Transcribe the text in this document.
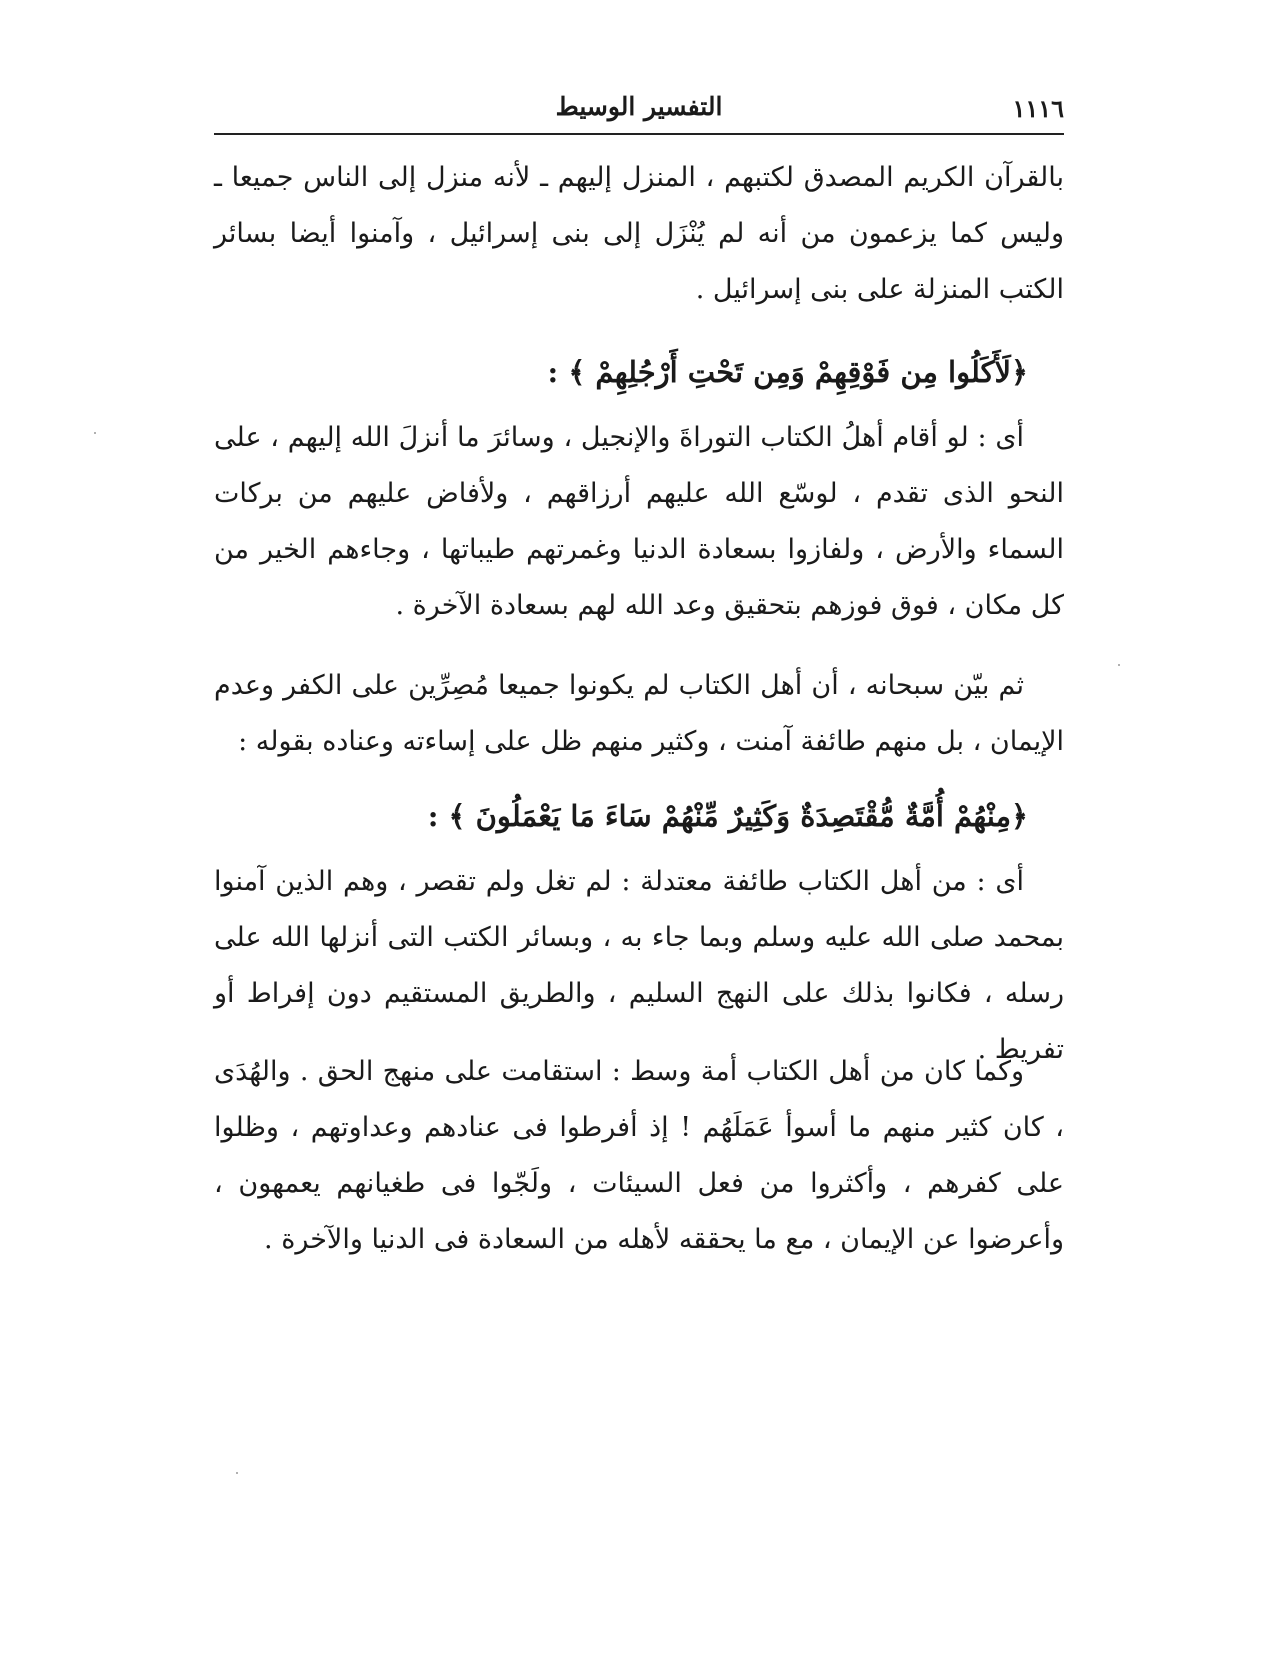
١١١٦
التفسير الوسيط

بالقرآن الكريم المصدق لكتبهم ، المنزل إليهم ـ لأنه منزل إلى الناس جميعا ـ وليس كما يزعمون من أنه لم يُنْزَل إلى بنى إسرائيل ، وآمنوا أيضا بسائر الكتب المنزلة على بنى إسرائيل .

﴿لَأَكَلُوا مِن فَوْقِهِمْ وَمِن تَحْتِ أَرْجُلِهِمْ ﴾ :

أى : لو أقام أهلُ الكتاب التوراةَ والإنجيل ، وسائرَ ما أنزلَ الله إليهم ، على النحو الذى تقدم ، لوسّع الله عليهم أرزاقهم ، ولأفاض عليهم من بركات السماء والأرض ، ولفازوا بسعادة الدنيا وغمرتهم طيباتها ، وجاءهم الخير من كل مكان ، فوق فوزهم بتحقيق وعد الله لهم بسعادة الآخرة .

ثم بيّن سبحانه ، أن أهل الكتاب لم يكونوا جميعا مُصِرِّين على الكفر وعدم الإيمان ، بل منهم طائفة آمنت ، وكثير منهم ظل على إساءته وعناده بقوله :

﴿مِنْهُمْ أُمَّةٌ مُّقْتَصِدَةٌ وَكَثِيرٌ مِّنْهُمْ سَاءَ مَا يَعْمَلُونَ ﴾ :

أى : من أهل الكتاب طائفة معتدلة : لم تغل ولم تقصر ، وهم الذين آمنوا بمحمد صلى الله عليه وسلم وبما جاء به ، وبسائر الكتب التى أنزلها الله على رسله ، فكانوا بذلك على النهج السليم ، والطريق المستقيم دون إفراط أو تفريط .

وكما كان من أهل الكتاب أمة وسط : استقامت على منهج الحق . والهُدَى ، كان كثير منهم ما أسوأ عَمَلَهُم ! إذ أفرطوا فى عنادهم وعداوتهم ، وظلوا على كفرهم ، وأكثروا من فعل السيئات ، ولَجّوا فى طغيانهم يعمهون ، وأعرضوا عن الإيمان ، مع ما يحققه لأهله من السعادة فى الدنيا والآخرة .
